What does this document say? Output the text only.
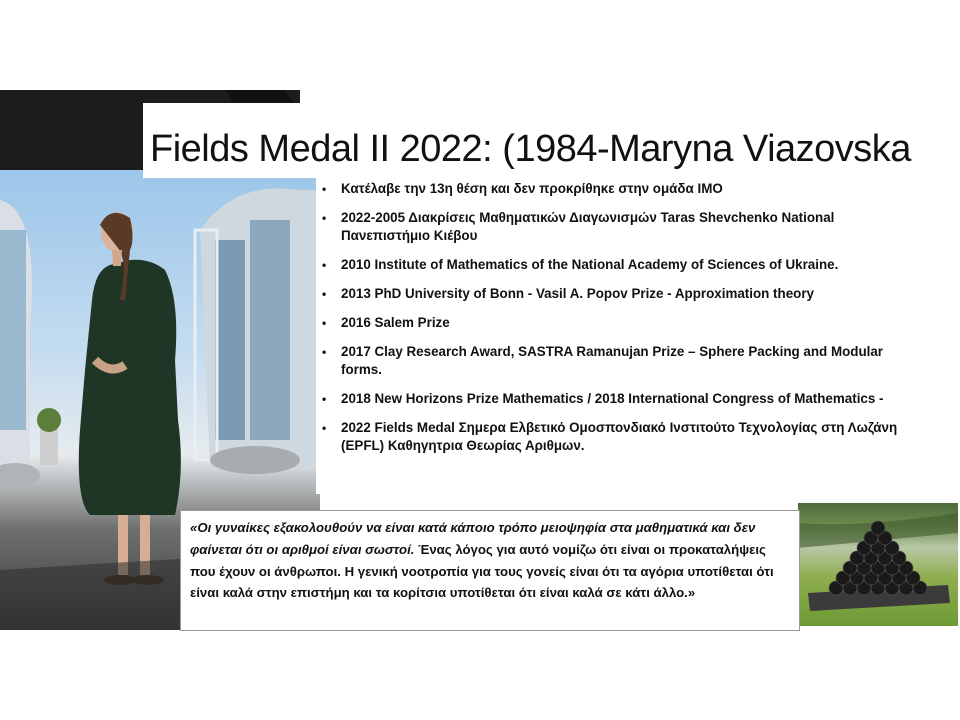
Fields Medal II 2022: (1984-Maryna Viazovska
• Κατέλαβε την 13η θέση και δεν προκρίθηκε στην ομάδα IMO
• 2022-2005 Διακρίσεις Μαθηματικών Διαγωνισμών Taras Shevchenko National Πανεπιστήμιο Κιέβου
• 2010 Institute of Mathematics of the National Academy of Sciences of Ukraine.
• 2013 PhD University of Bonn - Vasil A. Popov Prize - Approximation theory
• 2016 Salem Prize
• 2017 Clay Research Award, SASTRA Ramanujan Prize – Sphere Packing and Modular forms.
• 2018 New Horizons Prize Mathematics / 2018 International Congress of Mathematics -
• 2022 Fields Medal Σημερα Ελβετικό Ομοσπονδιακό Ινστιτούτο Τεχνολογίας στη Λωζάνη (EPFL) Καθηγητρια Θεωρίας Αριθμων.
«Οι γυναίκες εξακολουθούν να είναι κατά κάποιο τρόπο μειοψηφία στα μαθηματικά και δεν φαίνεται ότι οι αριθμοί είναι σωστοί. Ένας λόγος για αυτό νομίζω ότι είναι οι προκαταλήψεις που έχουν οι άνθρωποι. Η γενική νοοτροπία για τους γονείς είναι ότι τα αγόρια υποτίθεται ότι είναι καλά στην επιστήμη και τα κορίτσια υποτίθεται ότι είναι καλά σε κάτι άλλο.»
